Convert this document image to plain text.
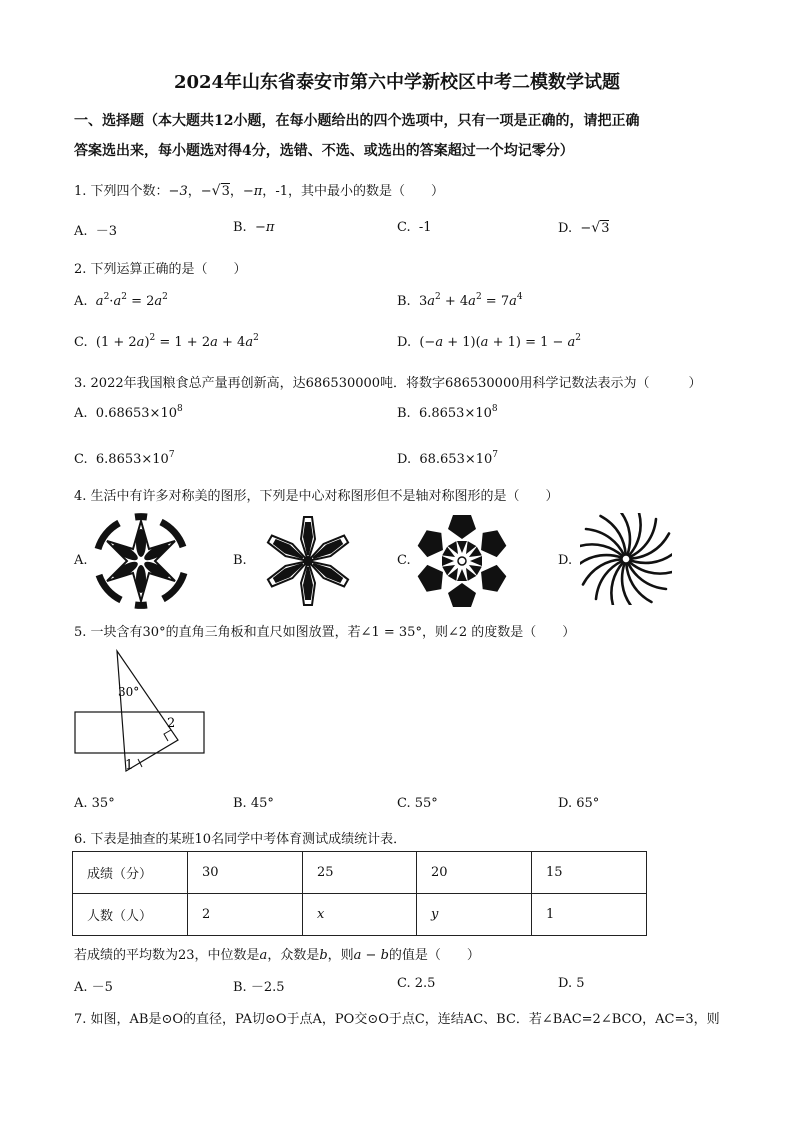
2024年山东省泰安市第六中学新校区中考二模数学试题
一、选择题（本大题共12小题，在每小题给出的四个选项中，只有一项是正确的，请把正确
答案选出来，每小题选对得4分，选错、不选、或选出的答案超过一个均记零分）
1. 下列四个数：−3，−√3，−π，-1，其中最小的数是（　　）
A. －3	B. −π	C. -1	D. −√3
2. 下列运算正确的是（　　）
A. $a^2\cdot a^2 = 2a^2$	B.  $3a^2 + 4a^2 = 7a^4$
C.  $(1 + 2a)^2 = 1 + 2a + 4a^2$	D.  $(-a + 1)(a + 1) = 1 - a^2$
3. 2022年我国粮食总产量再创新高，达686530000吨．将数字686530000用科学记数法表示为（　　　）
A. $0.68653\times 10^8$	B. $6.8653\times 10^8$
C. $6.8653\times 10^7$	D. $68.653\times 10^7$
4. 生活中有许多对称美的图形，下列是中心对称图形但不是轴对称图形的是（　　）
A.	B.	C.	D.
5. 一块含有30°的直角三角板和直尺如图放置，若∠1 = 35°，则∠2 的度数是（　　）
30°
2
1
A. 35°	B. 45°	C. 55°	D. 65°
6. 下表是抽查的某班10名同学中考体育测试成绩统计表．
成绩（分）	30	25	20	15
人数（人）	2	x	y	1
若成绩的平均数为23，中位数是a，众数是b，则a − b的值是（　　）
A. －5	B. －2.5	C. 2.5	D. 5
7. 如图，AB是⊙O的直径，PA切⊙O于点A，PO交⊙O于点C，连结AC、BC．若∠BAC=2∠BCO，AC=3，则
